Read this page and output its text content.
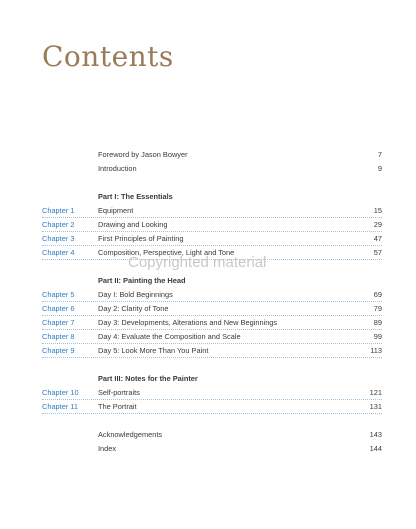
Contents
Foreword by Jason Bowyer	7
Introduction	9
Part I: The Essentials
Chapter 1	Equipment	15
Chapter 2	Drawing and Looking	29
Chapter 3	First Principles of Painting	47
Chapter 4	Composition, Perspective, Light and Tone	57
Part II: Painting the Head
Chapter 5	Day I: Bold Beginnings	69
Chapter 6	Day 2: Clarity of Tone	79
Chapter 7	Day 3: Developments, Alterations and New Beginnings	89
Chapter 8	Day 4: Evaluate the Composition and Scale	99
Chapter 9	Day 5: Look More Than You Paint	113
Part III: Notes for the Painter
Chapter 10	Self-portraits	121
Chapter 11	The Portrait	131
Acknowledgements	143
Index	144
Copyrighted material
